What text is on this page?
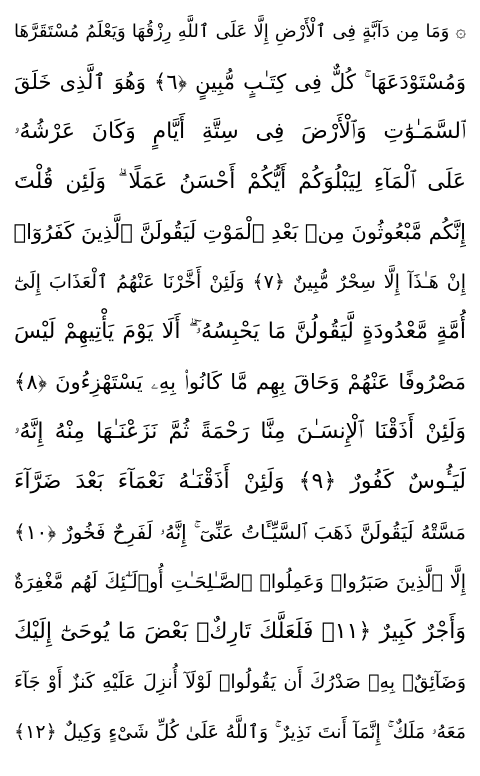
۞ وَمَا مِن دَآبَّةٍ فِى ٱلْأَرْضِ إِلَّا عَلَى ٱللَّهِ رِزْقُهَا وَيَعْلَمُ مُسْتَقَرَّهَا
وَمُسْتَوْدَعَهَا ۚ كُلٌّ فِى كِتَـٰبٍ مُّبِينٍ ﴿٦﴾ وَهُوَ ٱلَّذِى خَلَقَ
ٱلسَّمَـٰوَٰتِ وَٱلْأَرْضَ فِى سِتَّةِ أَيَّامٍ وَكَانَ عَرْشُهُۥ
عَلَى ٱلْمَآءِ لِيَبْلُوَكُمْ أَيُّكُمْ أَحْسَنُ عَمَلًا ۗ وَلَئِن قُلْتَ
إِنَّكُم مَّبْعُوثُونَ مِنۢ بَعْدِ ٱلْمَوْتِ لَيَقُولَنَّ ٱلَّذِينَ كَفَرُوٓا۟
إِنْ هَـٰذَآ إِلَّا سِحْرٌ مُّبِينٌ ﴿٧﴾ وَلَئِنْ أَخَّرْنَا عَنْهُمُ ٱلْعَذَابَ إِلَىٰٓ
أُمَّةٍ مَّعْدُودَةٍ لَّيَقُولُنَّ مَا يَحْبِسُهُۥٓ ۗ أَلَا يَوْمَ يَأْتِيهِمْ لَيْسَ
مَصْرُوفًا عَنْهُمْ وَحَاقَ بِهِم مَّا كَانُوا۟ بِهِۦ يَسْتَهْزِءُونَ ﴿٨﴾
وَلَئِنْ أَذَقْنَا ٱلْإِنسَـٰنَ مِنَّا رَحْمَةً ثُمَّ نَزَعْنَـٰهَا مِنْهُ إِنَّهُۥ
لَيَـُٔوسٌ كَفُورٌ ﴿٩﴾ وَلَئِنْ أَذَقْنَـٰهُ نَعْمَآءَ بَعْدَ ضَرَّآءَ
مَسَّتْهُ لَيَقُولَنَّ ذَهَبَ ٱلسَّيِّـَٔاتُ عَنِّىٓ ۚ إِنَّهُۥ لَفَرِحٌ فَخُورٌ ﴿١٠﴾
إِلَّا ٱلَّذِينَ صَبَرُوا۟ وَعَمِلُوا۟ ٱلصَّـٰلِحَـٰتِ أُو۟لَـٰٓئِكَ لَهُم مَّغْفِرَةٌ
وَأَجْرٌ كَبِيرٌ ﴿١١﴾ فَلَعَلَّكَ تَارِكٌۢ بَعْضَ مَا يُوحَىٰٓ إِلَيْكَ
وَضَآئِقٌۢ بِهِۦ صَدْرُكَ أَن يَقُولُوا۟ لَوْلَآ أُنزِلَ عَلَيْهِ كَنزٌ أَوْ جَآءَ
مَعَهُۥ مَلَكٌ ۚ إِنَّمَآ أَنتَ نَذِيرٌ ۚ وَٱللَّهُ عَلَىٰ كُلِّ شَىْءٍ وَكِيلٌ ﴿١٢﴾
